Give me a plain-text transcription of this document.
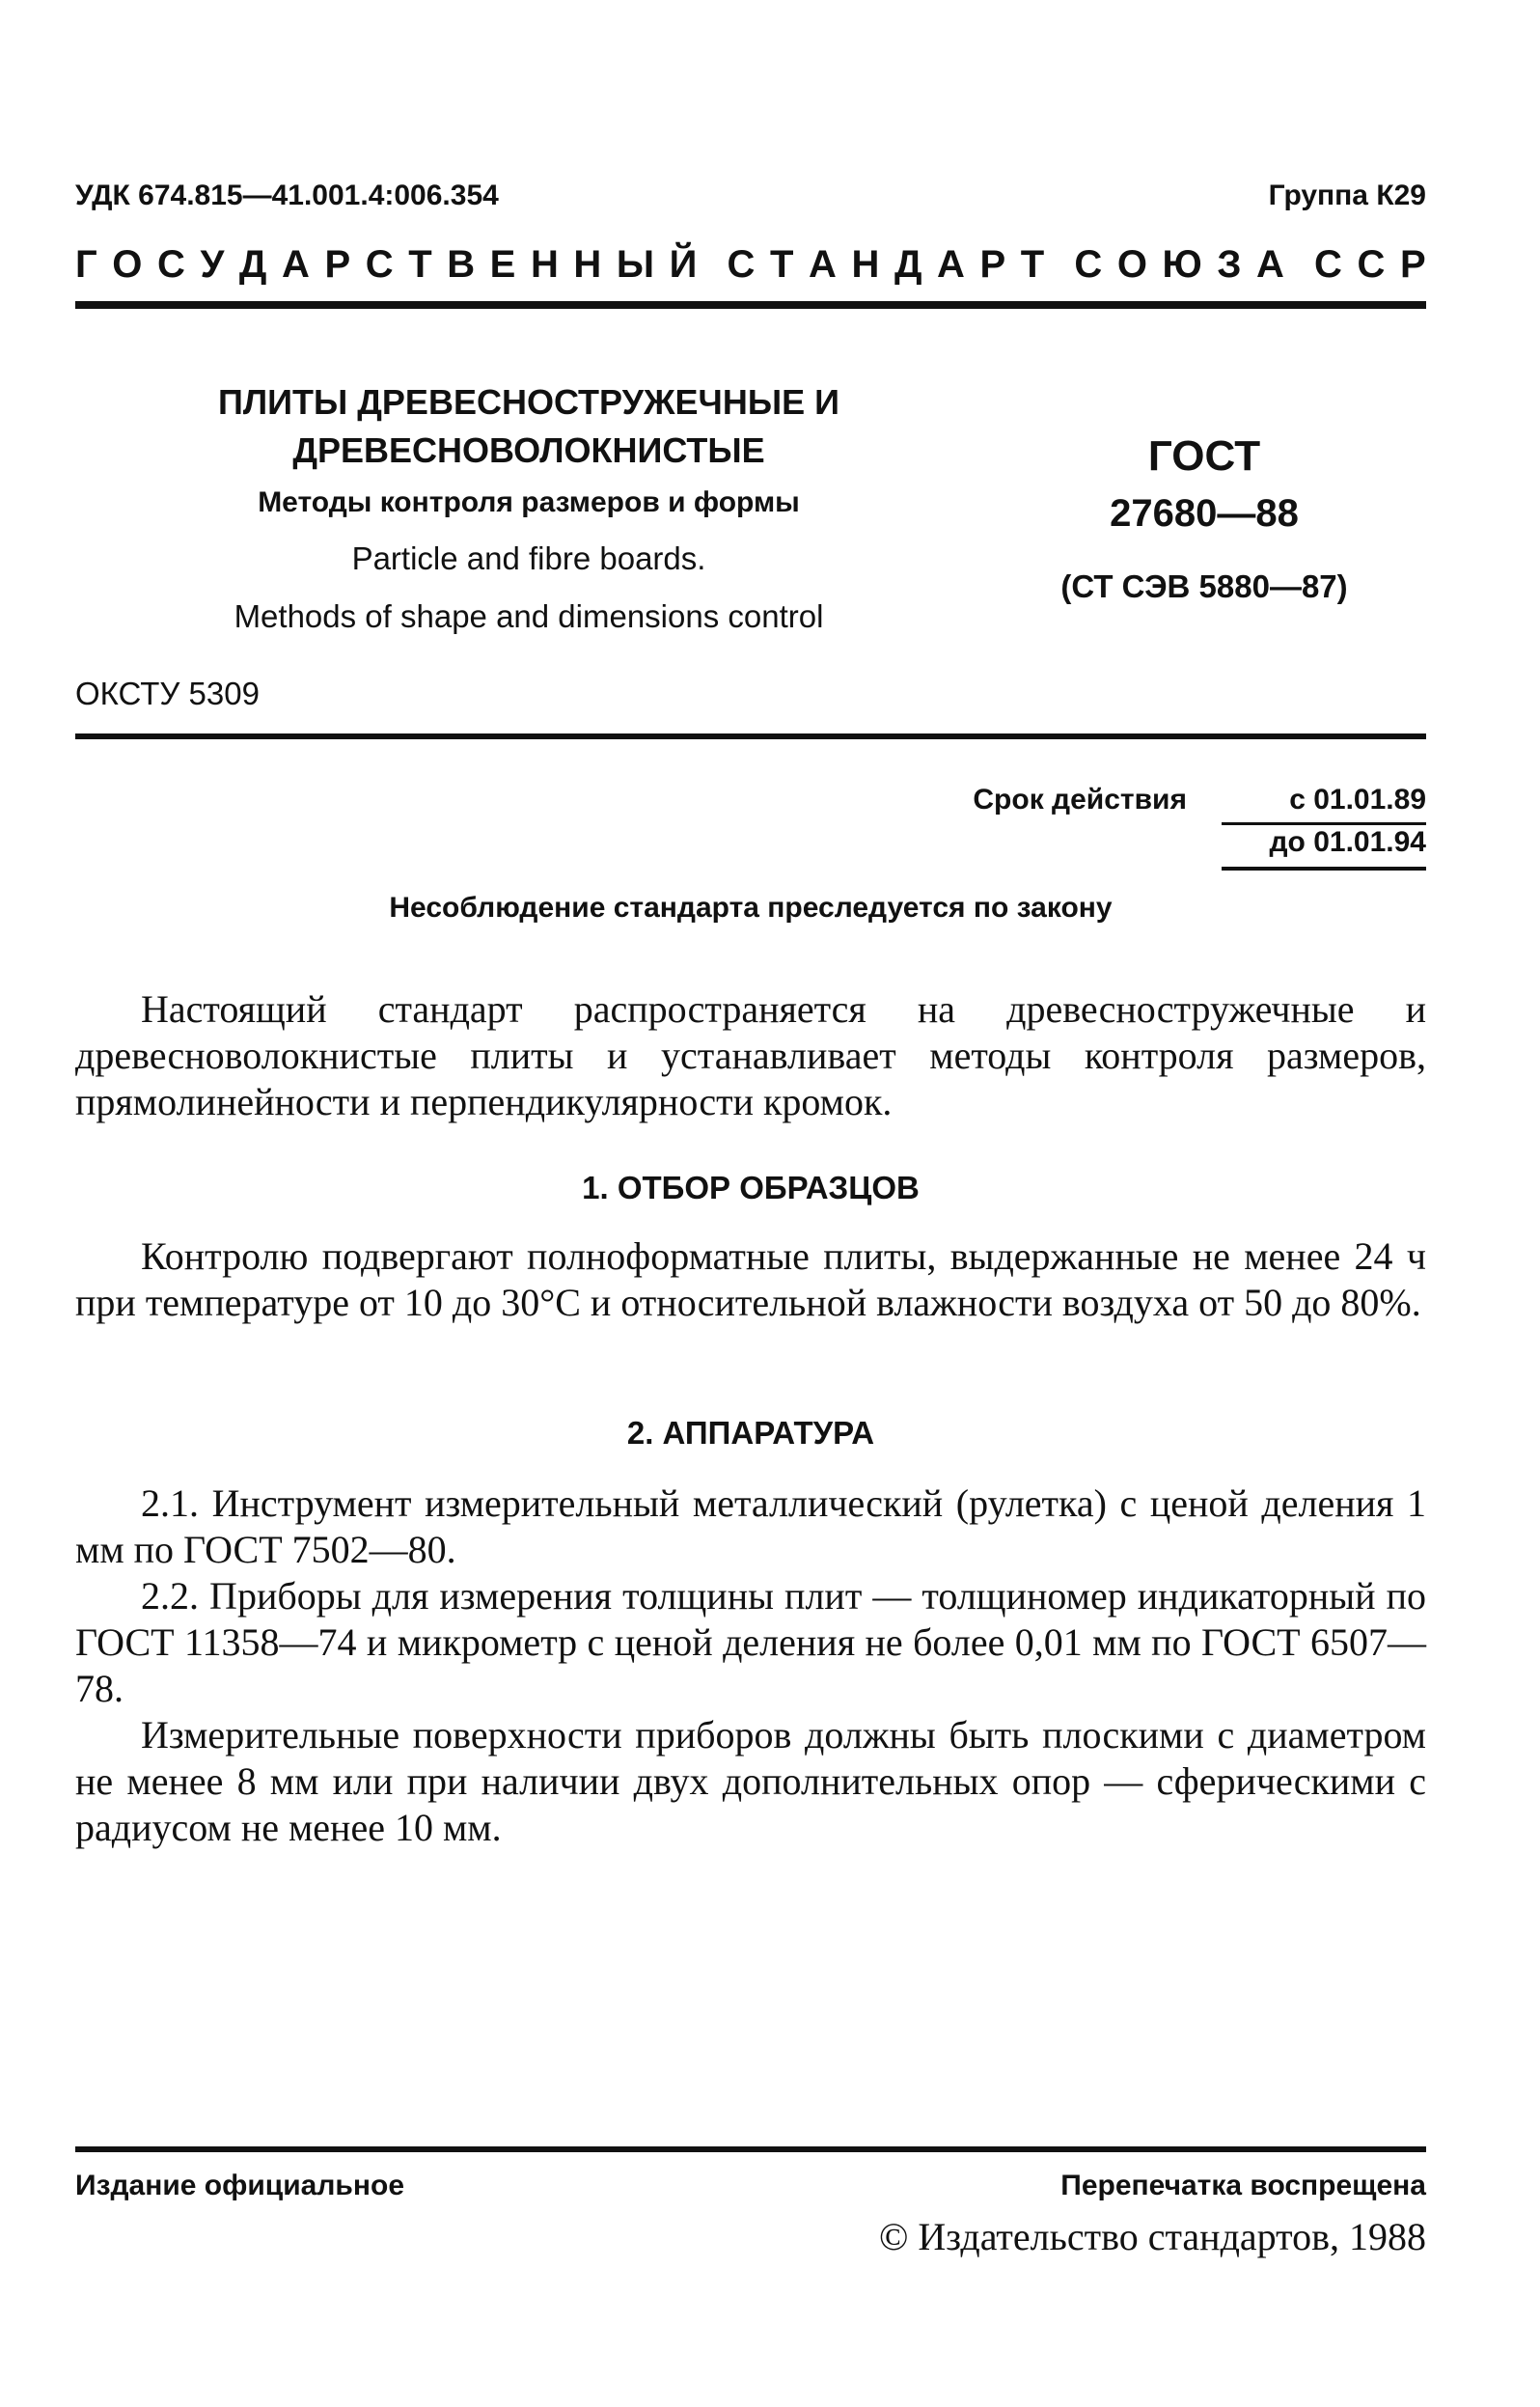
УДК 674.815—41.001.4:006.354	Группа К29
Г О С У Д А Р С Т В Е Н Н Ы Й С Т А Н Д А Р Т С О Ю З А С С Р
ПЛИТЫ ДРЕВЕСНОСТРУЖЕЧНЫЕ И
ДРЕВЕСНОВОЛОКНИСТЫЕ
Методы контроля размеров и формы
Particle and fibre boards.
Methods of shape and dimensions control
ГОСТ
27680—88
(СТ СЭВ 5880—87)
ОКСТУ 5309
Срок действия	с 01.01.89
до 01.01.94
Несоблюдение стандарта преследуется по закону

Настоящий стандарт распространяется на древесностружечные и древесноволокнистые плиты и устанавливает методы контроля размеров, прямолинейности и перпендикулярности кромок.

1. ОТБОР ОБРАЗЦОВ

Контролю подвергают полноформатные плиты, выдержанные не менее 24 ч при температуре от 10 до 30°С и относительной влажности воздуха от 50 до 80%.

2. АППАРАТУРА

2.1. Инструмент измерительный металлический (рулетка) с ценой деления 1 мм по ГОСТ 7502—80.

2.2. Приборы для измерения толщины плит — толщиномер индикаторный по ГОСТ 11358—74 и микрометр с ценой деления не более 0,01 мм по ГОСТ 6507—78.

Измерительные поверхности приборов должны быть плоскими с диаметром не менее 8 мм или при наличии двух дополнительных опор — сферическими с радиусом не менее 10 мм.

Издание официальное	Перепечатка воспрещена
© Издательство стандартов, 1988
